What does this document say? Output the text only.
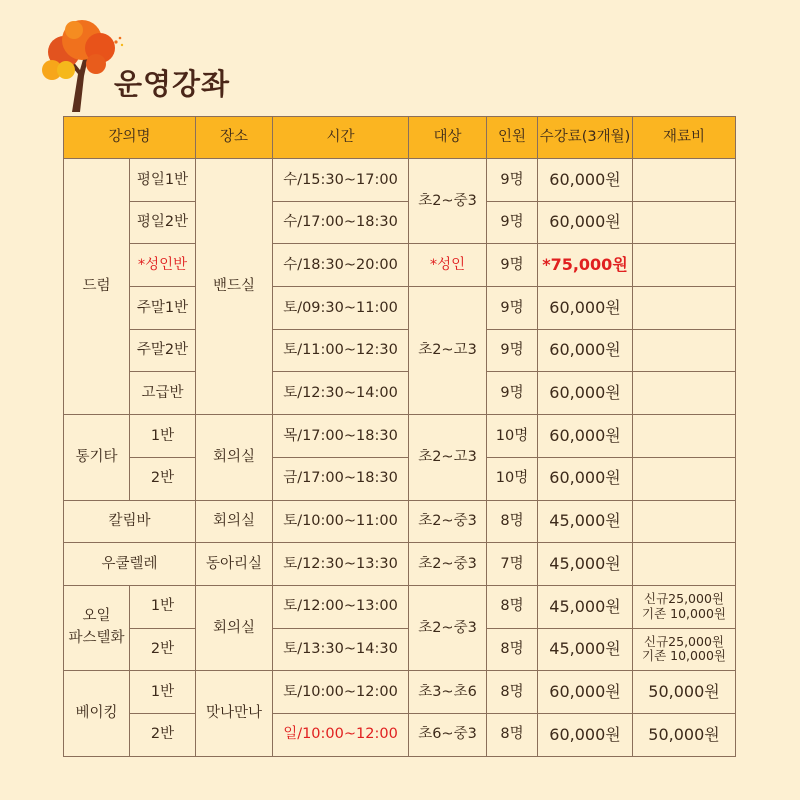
운영강좌
강의명		장소	시간	대상	인원	수강료(3개월)	재료비
드럼	평일1반	밴드실	수/15:30~17:00	초2~중3	9명	60,000원	
	평일2반		수/17:00~18:30		9명	60,000원	
	*성인반		수/18:30~20:00	*성인	9명	*75,000원	
	주말1반		토/09:30~11:00	초2~고3	9명	60,000원	
	주말2반		토/11:00~12:30		9명	60,000원	
	고급반		토/12:30~14:00		9명	60,000원	
통기타	1반	회의실	목/17:00~18:30	초2~고3	10명	60,000원	
	2반		금/17:00~18:30		10명	60,000원	
칼림바		회의실	토/10:00~11:00	초2~중3	8명	45,000원	
우쿨렐레		동아리실	토/12:30~13:30	초2~중3	7명	45,000원	
오일
파스텔화	1반	회의실	토/12:00~13:00	초2~중3	8명	45,000원	신규25,000원
기존 10,000원
	2반		토/13:30~14:30		8명	45,000원	신규25,000원
기존 10,000원
베이킹	1반	맛나만나	토/10:00~12:00	초3~초6	8명	60,000원	50,000원
	2반		일/10:00~12:00	초6~중3	8명	60,000원	50,000원
